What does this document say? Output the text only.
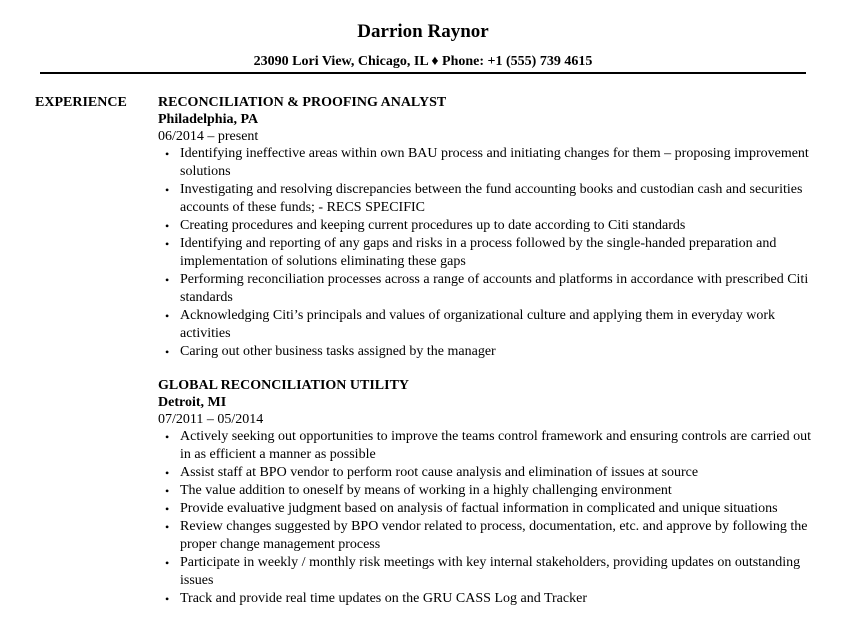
Darrion Raynor
23090 Lori View, Chicago, IL ♦ Phone: +1 (555) 739 4615
EXPERIENCE RECONCILIATION & PROOFING ANALYST
Philadelphia, PA
06/2014 – present
• Identifying ineffective areas within own BAU process and initiating changes for them – proposing improvement solutions
• Investigating and resolving discrepancies between the fund accounting books and custodian cash and securities accounts of these funds; - RECS SPECIFIC
• Creating procedures and keeping current procedures up to date according to Citi standards
• Identifying and reporting of any gaps and risks in a process followed by the single-handed preparation and implementation of solutions eliminating these gaps
• Performing reconciliation processes across a range of accounts and platforms in accordance with prescribed Citi standards
• Acknowledging Citi’s principals and values of organizational culture and applying them in everyday work activities
• Caring out other business tasks assigned by the manager
GLOBAL RECONCILIATION UTILITY
Detroit, MI
07/2011 – 05/2014
• Actively seeking out opportunities to improve the teams control framework and ensuring controls are carried out in as efficient a manner as possible
• Assist staff at BPO vendor to perform root cause analysis and elimination of issues at source
• The value addition to oneself by means of working in a highly challenging environment
• Provide evaluative judgment based on analysis of factual information in complicated and unique situations
• Review changes suggested by BPO vendor related to process, documentation, etc. and approve by following the proper change management process
• Participate in weekly / monthly risk meetings with key internal stakeholders, providing updates on outstanding issues
• Track and provide real time updates on the GRU CASS Log and Tracker
